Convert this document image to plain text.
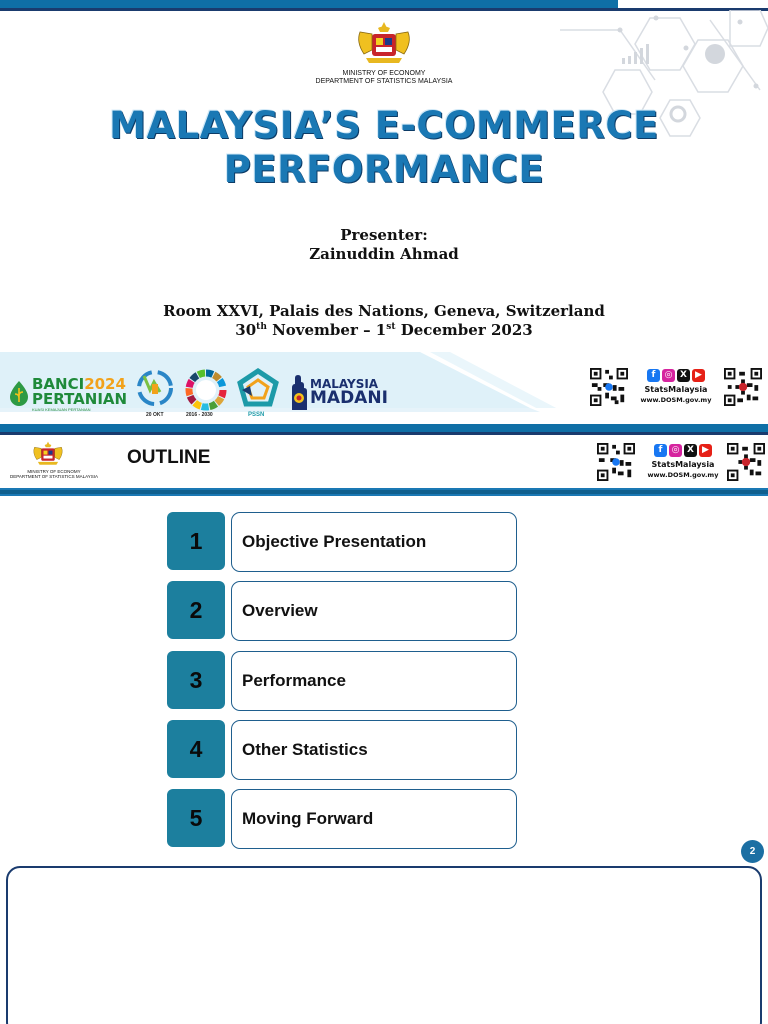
MINISTRY OF ECONOMY
DEPARTMENT OF STATISTICS MALAYSIA
MALAYSIA’S E-COMMERCE
PERFORMANCE
Presenter:
Zainuddin Ahmad
Room XXVI, Palais des Nations, Geneva, Switzerland
30th November – 1st December 2023
BANCI2024
PERTANIAN
KUASI KEMAJUAN PERTANIAN
20 OKT	2016 - 2030	PSSN
MALAYSIA
MADANI
f ◎ X ▶
StatsMalaysia
www.DOSM.gov.my
MINISTRY OF ECONOMY
DEPARTMENT OF STATISTICS MALAYSIA
OUTLINE	f ◎ X ▶
StatsMalaysia
www.DOSM.gov.my
1	Objective Presentation
2	Overview
3	Performance
4	Other Statistics
5	Moving Forward
2
